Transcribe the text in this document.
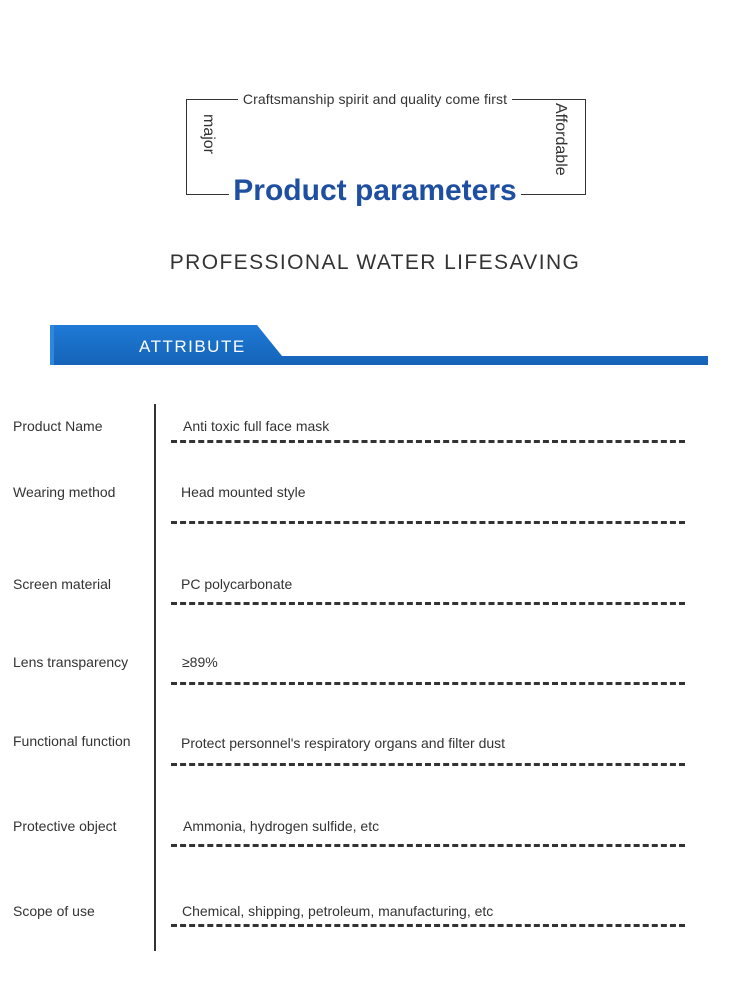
Craftsmanship spirit and quality come first
major	Affordable
Product parameters
PROFESSIONAL WATER LIFESAVING
ATTRIBUTE
Product Name	Anti toxic full face mask
Wearing method	Head mounted style
Screen material	PC polycarbonate
Lens transparency	≥89%
Functional function	Protect personnel's respiratory organs and filter dust
Protective object	Ammonia, hydrogen sulfide, etc
Scope of use	Chemical, shipping, petroleum, manufacturing, etc
